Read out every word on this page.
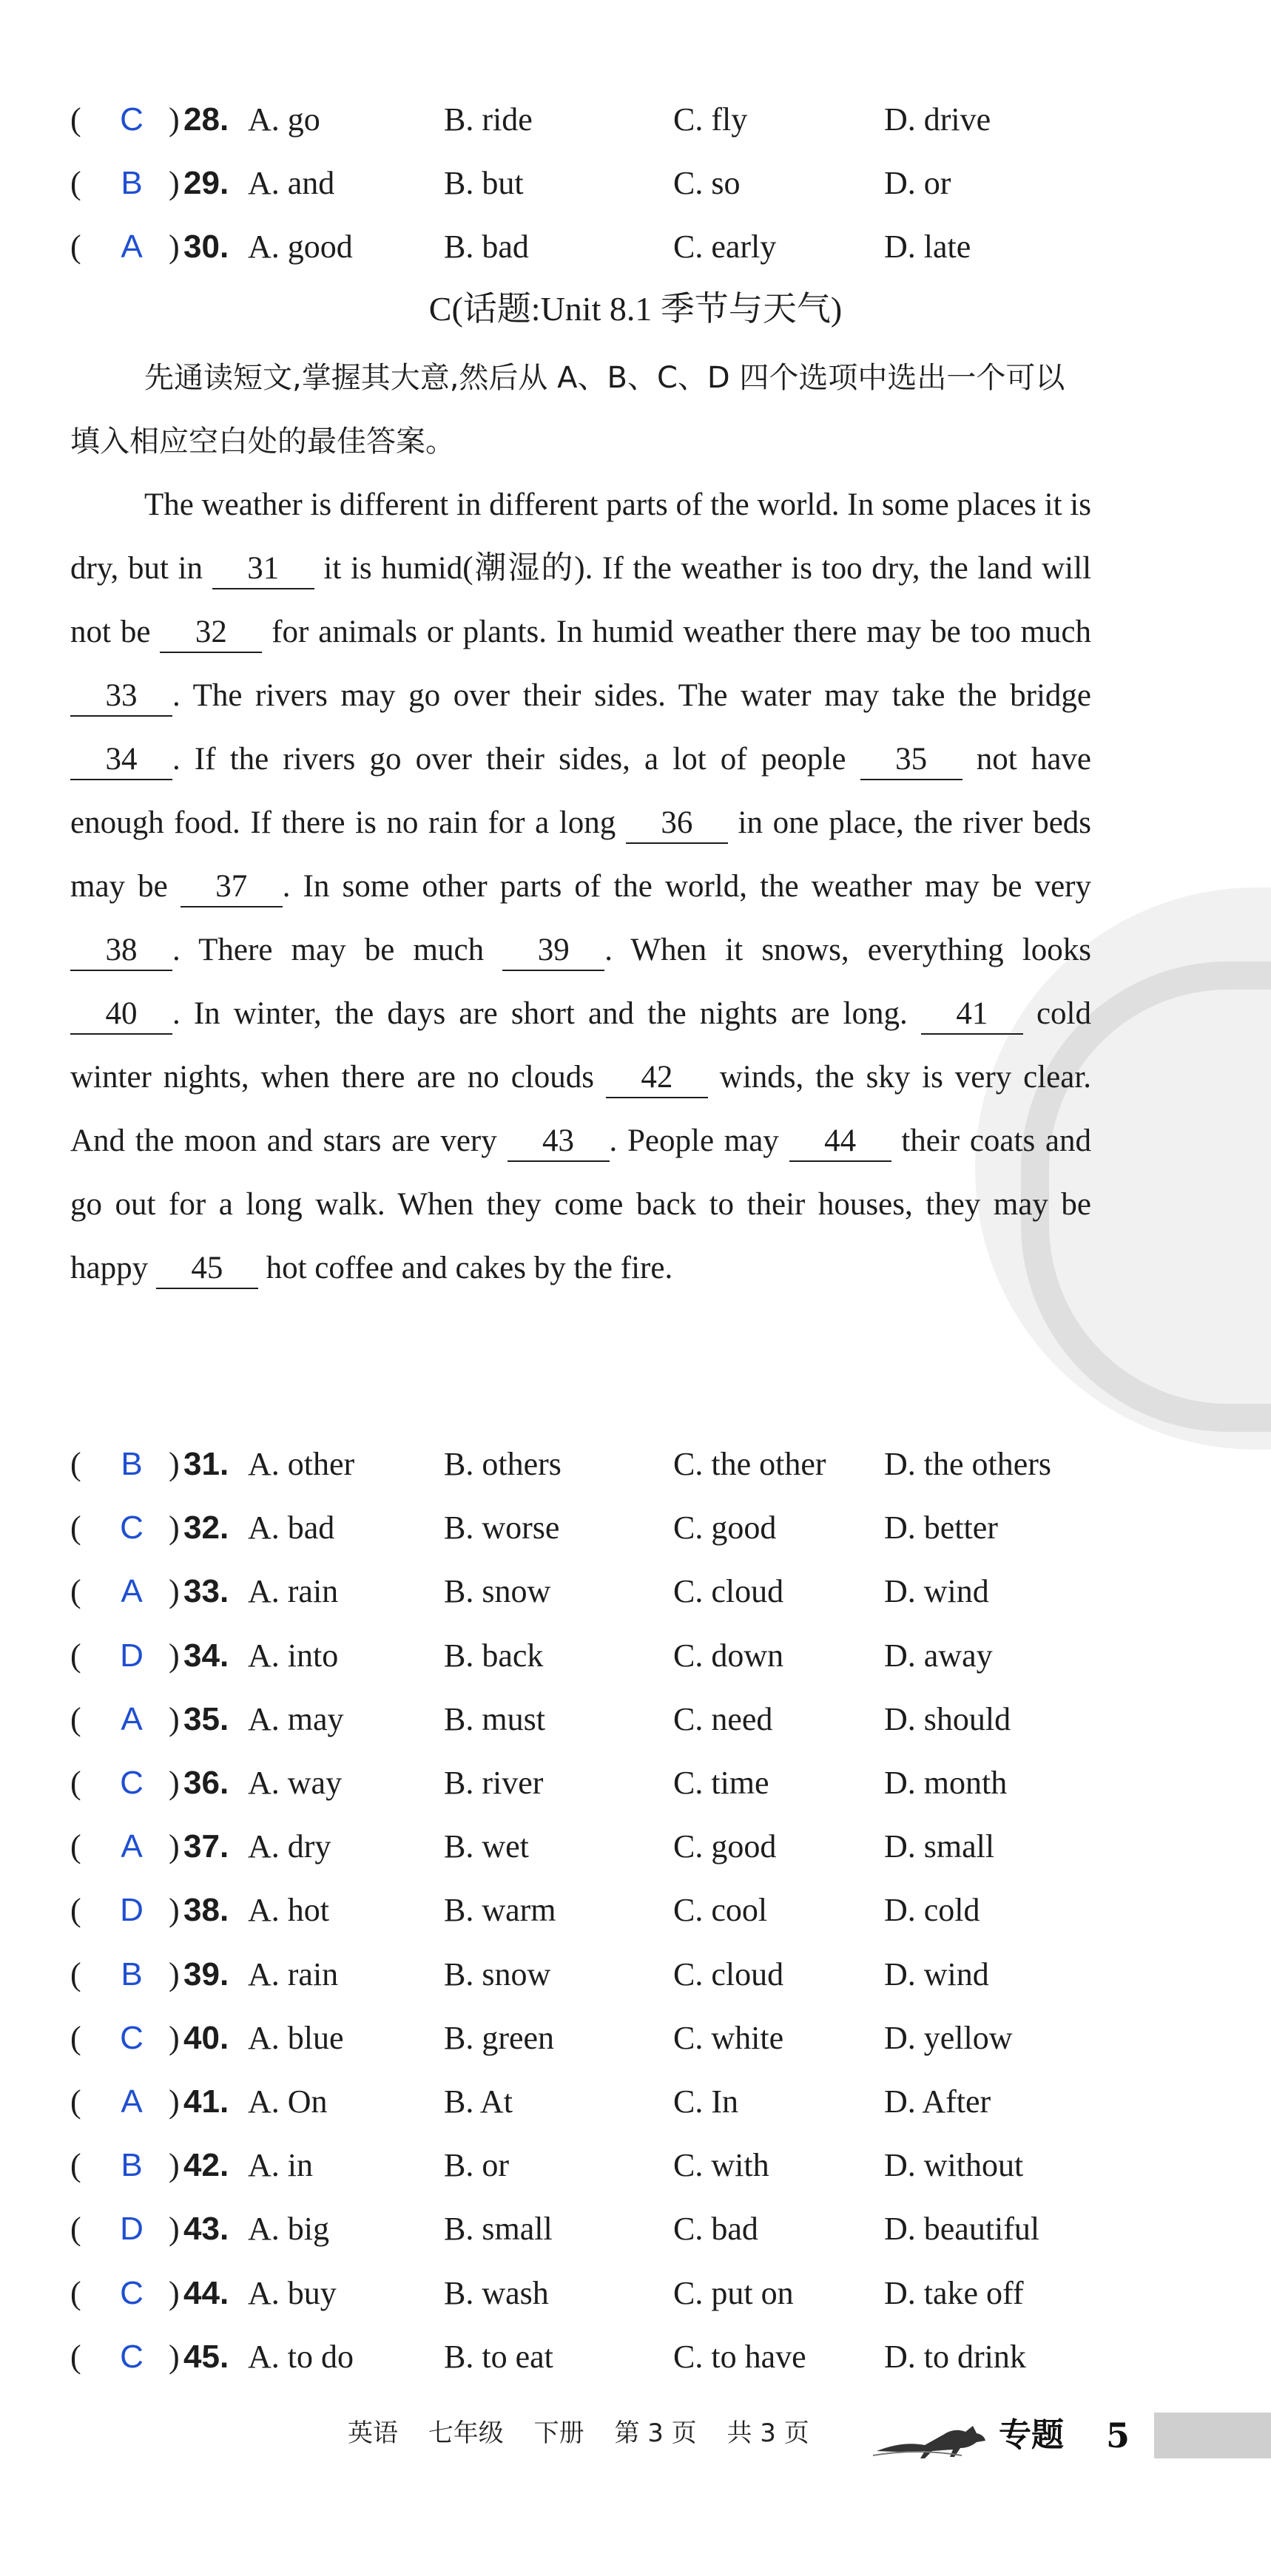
( C ) 28. A. go	B. ride	C. fly	D. drive
( B ) 29. A. and	B. but	C. so	D. or
( A ) 30. A. good	B. bad	C. early	D. late
C(话题:Unit 8.1 季节与天气)
先通读短文,掌握其大意,然后从 A、B、C、D 四个选项中选出一个可以填入相应空白处的最佳答案。
The weather is different in different parts of the world. In some places it is dry, but in 31 it is humid(潮湿的). If the weather is too dry, the land will not be 32 for animals or plants. In humid weather there may be too much 33 . The rivers may go over their sides. The water may take the bridge 34 . If the rivers go over their sides, a lot of people 35 not have enough food. If there is no rain for a long 36 in one place, the river beds may be 37 . In some other parts of the world, the weather may be very 38 . There may be much 39 . When it snows, everything looks 40 . In winter, the days are short and the nights are long. 41 cold winter nights, when there are no clouds 42 winds, the sky is very clear. And the moon and stars are very 43 . People may 44 their coats and go out for a long walk. When they come back to their houses, they may be happy 45 hot coffee and cakes by the fire.
( B ) 31. A. other	B. others	C. the other D. the others
( C ) 32. A. bad	B. worse	C. good	D. better
( A ) 33. A. rain	B. snow	C. cloud	D. wind
( D ) 34. A. into	B. back	C. down	D. away
( A ) 35. A. may	B. must	C. need	D. should
( C ) 36. A. way	B. river	C. time	D. month
( A ) 37. A. dry	B. wet	C. good	D. small
( D ) 38. A. hot	B. warm	C. cool	D. cold
( B ) 39. A. rain	B. snow	C. cloud	D. wind
( C ) 40. A. blue	B. green	C. white	D. yellow
( A ) 41. A. On	B. At	C. In	D. After
( B ) 42. A. in	B. or	C. with	D. without
( D ) 43. A. big	B. small	C. bad	D. beautiful
( C ) 44. A. buy	B. wash	C. put on	D. take off
( C ) 45. A. to do	B. to eat	C. to have D. to drink
英语 七年级 下册 第 3 页 共 3 页	专题 5
